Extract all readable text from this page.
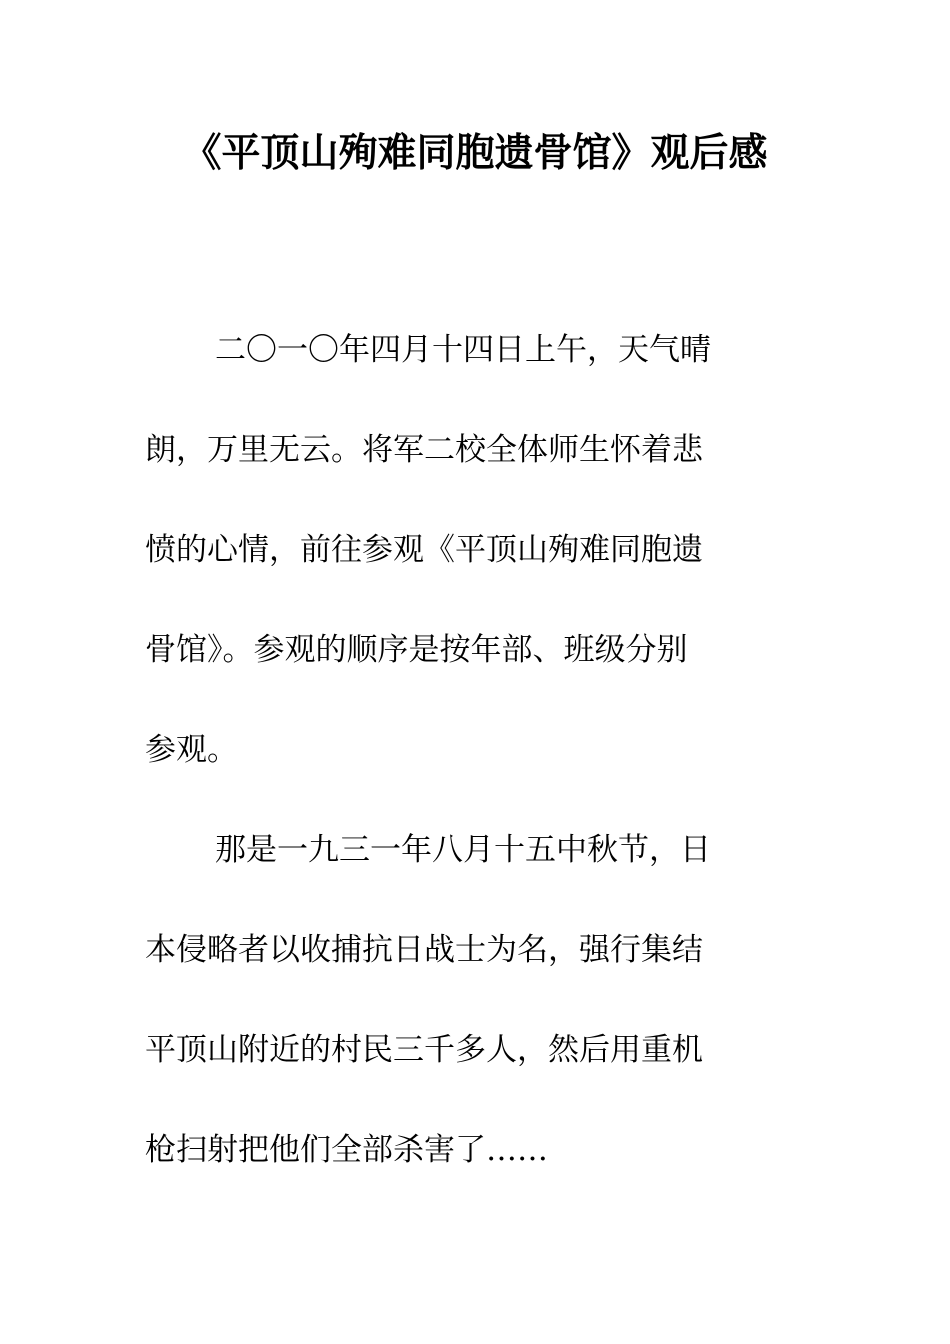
《平顶山殉难同胞遗骨馆》观后感

二〇一〇年四月十四日上午，天气晴
朗，万里无云。将军二校全体师生怀着悲
愤的心情，前往参观《平顶山殉难同胞遗
骨馆》。参观的顺序是按年部、班级分别
参观。

那是一九三一年八月十五中秋节，日
本侵略者以收捕抗日战士为名，强行集结
平顶山附近的村民三千多人，然后用重机
枪扫射把他们全部杀害了……
